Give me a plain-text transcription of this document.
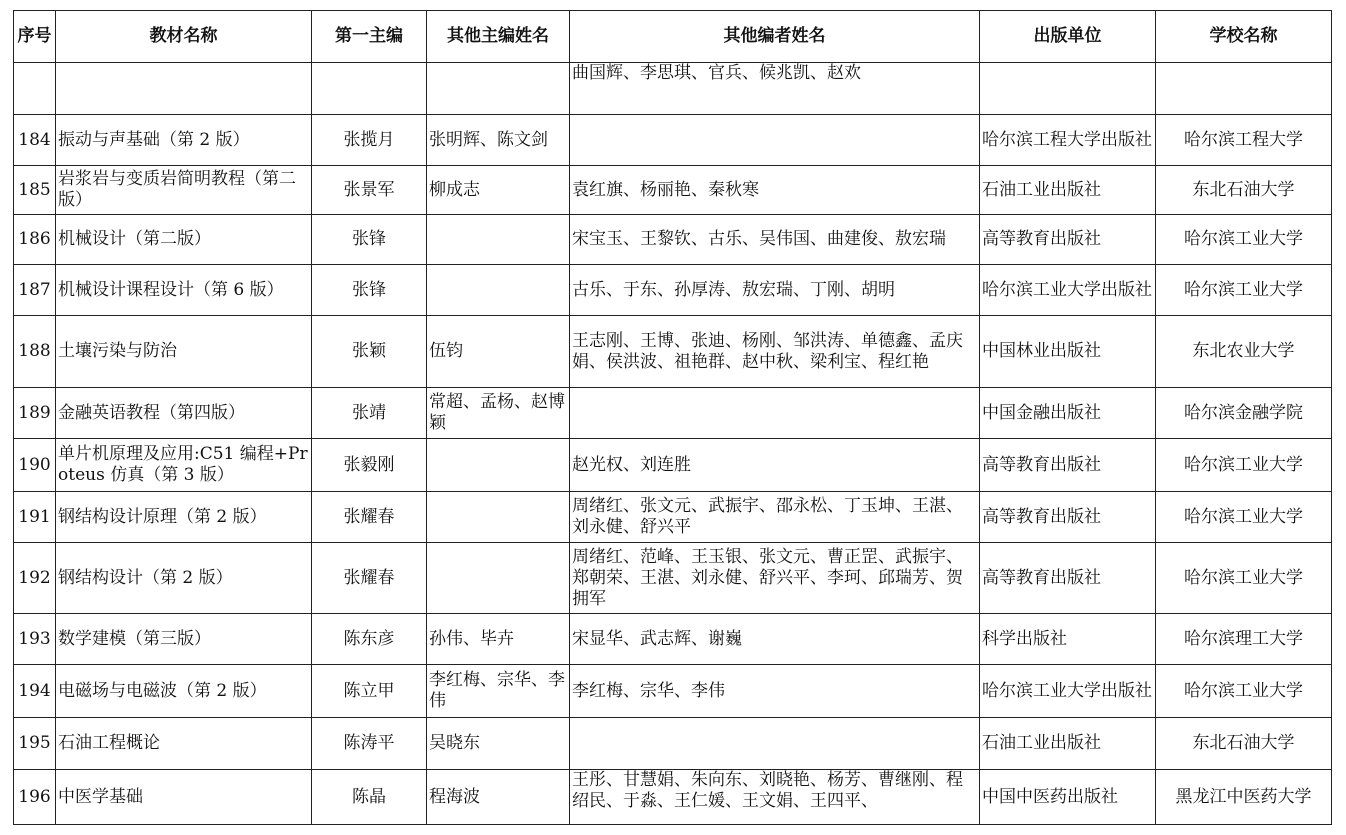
序号	教材名称	第一主编	其他主编姓名	其他编者姓名	出版单位	学校名称
				曲国辉、李思琪、官兵、候兆凯、赵欢		
184	振动与声基础（第 2 版）	张揽月	张明辉、陈文剑		哈尔滨工程大学出版社	哈尔滨工程大学
185	岩浆岩与变质岩简明教程（第二版）	张景军	柳成志	袁红旗、杨丽艳、秦秋寒	石油工业出版社	东北石油大学
186	机械设计（第二版）	张锋		宋宝玉、王黎钦、古乐、吴伟国、曲建俊、敖宏瑞	高等教育出版社	哈尔滨工业大学
187	机械设计课程设计（第 6 版）	张锋		古乐、于东、孙厚涛、敖宏瑞、丁刚、胡明	哈尔滨工业大学出版社	哈尔滨工业大学
188	土壤污染与防治	张颖	伍钧	王志刚、王博、张迪、杨刚、邹洪涛、单德鑫、孟庆娟、侯洪波、祖艳群、赵中秋、梁利宝、程红艳	中国林业出版社	东北农业大学
189	金融英语教程（第四版）	张靖	常超、孟杨、赵博颖		中国金融出版社	哈尔滨金融学院
190	单片机原理及应用:C51 编程+Proteus 仿真（第 3 版）	张毅刚		赵光权、刘连胜	高等教育出版社	哈尔滨工业大学
191	钢结构设计原理（第 2 版）	张耀春		周绪红、张文元、武振宇、邵永松、丁玉坤、王湛、刘永健、舒兴平	高等教育出版社	哈尔滨工业大学
192	钢结构设计（第 2 版）	张耀春		周绪红、范峰、王玉银、张文元、曹正罡、武振宇、郑朝荣、王湛、刘永健、舒兴平、李珂、邱瑞芳、贺拥军	高等教育出版社	哈尔滨工业大学
193	数学建模（第三版）	陈东彦	孙伟、毕卉	宋显华、武志辉、谢巍	科学出版社	哈尔滨理工大学
194	电磁场与电磁波（第 2 版）	陈立甲	李红梅、宗华、李伟	李红梅、宗华、李伟	哈尔滨工业大学出版社	哈尔滨工业大学
195	石油工程概论	陈涛平	吴晓东		石油工业出版社	东北石油大学
196	中医学基础	陈晶	程海波	王彤、甘慧娟、朱向东、刘晓艳、杨芳、曹继刚、程绍民、于淼、王仁媛、王文娟、王四平、	中国中医药出版社	黑龙江中医药大学
